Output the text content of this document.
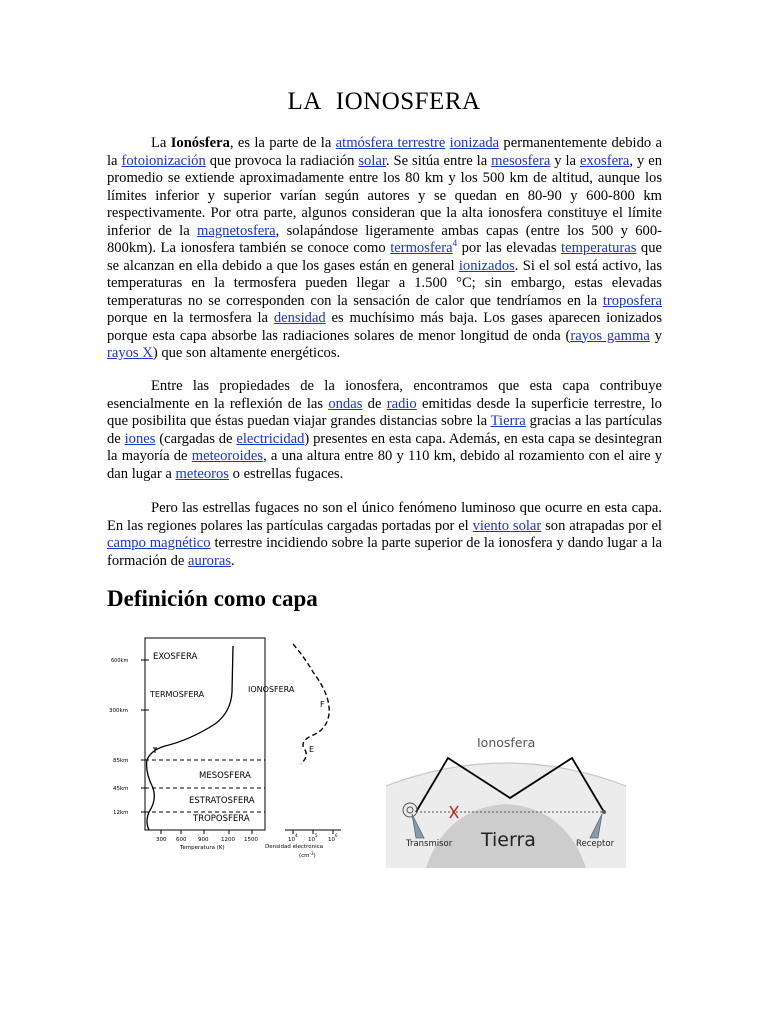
LA IONOSFERA

La Ionósfera, es la parte de la atmósfera terrestre ionizada permanentemente debido a la fotoionización que provoca la radiación solar. Se sitúa entre la mesosfera y la exosfera, y en promedio se extiende aproximadamente entre los 80 km y los 500 km de altitud, aunque los límites inferior y superior varían según autores y se quedan en 80-90 y 600-800 km respectivamente. Por otra parte, algunos consideran que la alta ionosfera constituye el límite inferior de la magnetosfera, solapándose ligeramente ambas capas (entre los 500 y 600-800km). La ionosfera también se conoce como termosfera$^4$ por las elevadas temperaturas que se alcanzan en ella debido a que los gases están en general ionizados. Si el sol está activo, las temperaturas en la termosfera pueden llegar a 1.500 °C; sin embargo, estas elevadas temperaturas no se corresponden con la sensación de calor que tendríamos en la troposfera porque en la termosfera la densidad es muchísimo más baja. Los gases aparecen ionizados porque esta capa absorbe las radiaciones solares de menor longitud de onda (rayos gamma y rayos X) que son altamente energéticos.

Entre las propiedades de la ionosfera, encontramos que esta capa contribuye esencialmente en la reflexión de las ondas de radio emitidas desde la superficie terrestre, lo que posibilita que éstas puedan viajar grandes distancias sobre la Tierra gracias a las partículas de iones (cargadas de electricidad) presentes en esta capa. Además, en esta capa se desintegran la mayoría de meteoroides, a una altura entre 80 y 110 km, debido al rozamiento con el aire y dan lugar a meteoros o estrellas fugaces.

Pero las estrellas fugaces no son el único fenómeno luminoso que ocurre en esta capa. En las regiones polares las partículas cargadas portadas por el viento solar son atrapadas por el campo magnético terrestre incidiendo sobre la parte superior de la ionosfera y dando lugar a la formación de auroras.

Definición como capa
600km
300km
85km
45km
12km
EXOSFERA
TERMOSFERA
IONOSFERA
MESOSFERA
ESTRATOSFERA
TROPOSFERA
F
E
300 600 900 1200 1500
Temperatura (K)
10
4
10
5
10
6
Densidad electrónica
$(cm^{-3})$
Ionosfera
Tierra
Transmisor	Receptor
